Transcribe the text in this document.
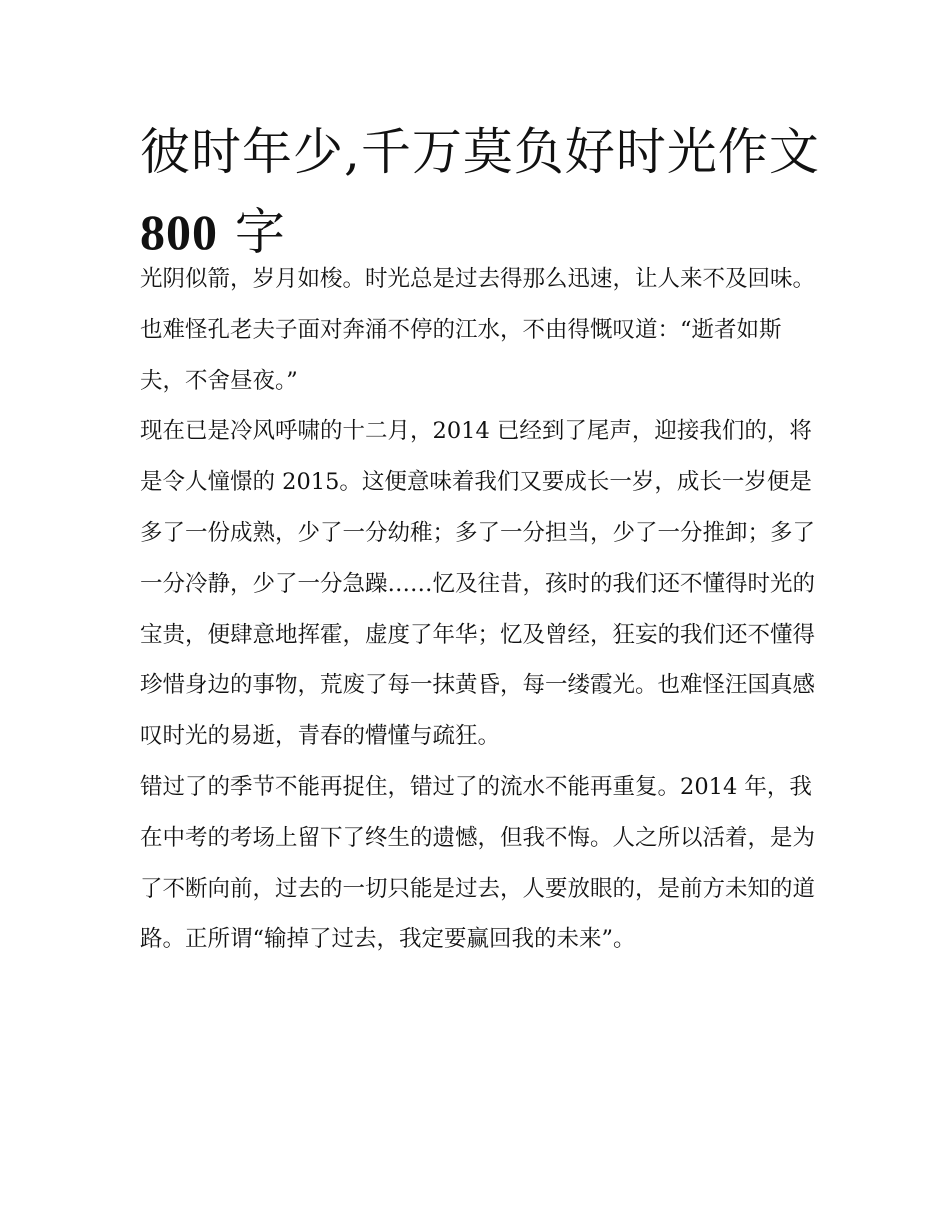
彼时年少,千万莫负好时光作文
800 字

光阴似箭，岁月如梭。时光总是过去得那么迅速，让人来不及回味。也难怪孔老夫子面对奔涌不停的江水，不由得慨叹道：“逝者如斯夫，不舍昼夜。”

现在已是冷风呼啸的十二月，2014 已经到了尾声，迎接我们的，将是令人憧憬的 2015。这便意味着我们又要成长一岁，成长一岁便是多了一份成熟，少了一分幼稚；多了一分担当，少了一分推卸；多了一分冷静，少了一分急躁……忆及往昔，孩时的我们还不懂得时光的宝贵，便肆意地挥霍，虚度了年华；忆及曾经，狂妄的我们还不懂得珍惜身边的事物，荒废了每一抹黄昏，每一缕霞光。也难怪汪国真感叹时光的易逝，青春的懵懂与疏狂。

错过了的季节不能再捉住，错过了的流水不能再重复。2014 年，我在中考的考场上留下了终生的遗憾，但我不悔。人之所以活着，是为了不断向前，过去的一切只能是过去，人要放眼的，是前方未知的道路。正所谓“输掉了过去，我定要赢回我的未来”。
